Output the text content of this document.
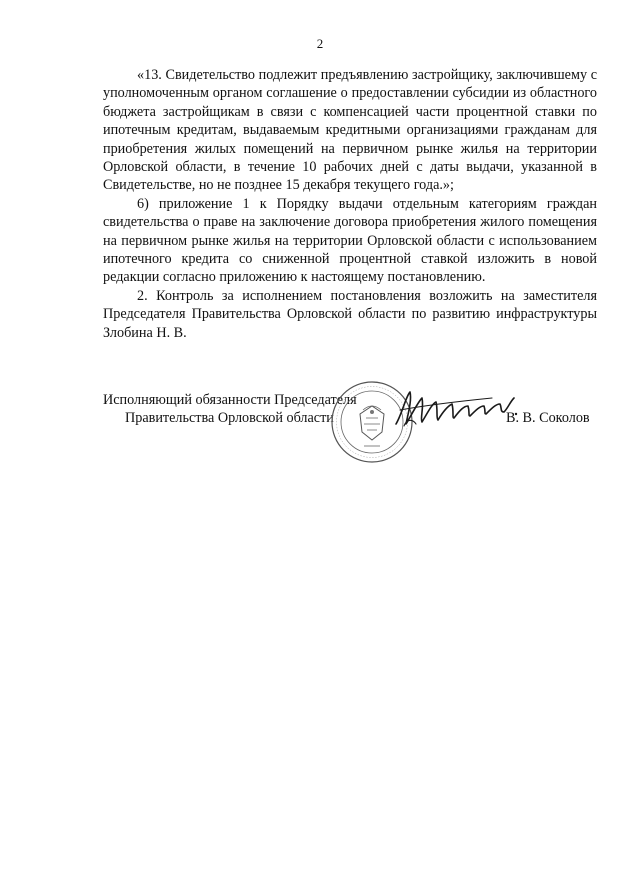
2

«13. Свидетельство подлежит предъявлению застройщику, заключившему с уполномоченным органом соглашение о предоставлении субсидии из областного бюджета застройщикам в связи с компенсацией части процентной ставки по ипотечным кредитам, выдаваемым кредитными организациями гражданам для приобретения жилых помещений на первичном рынке жилья на территории Орловской области, в течение 10 рабочих дней с даты выдачи, указанной в Свидетельстве, но не позднее 15 декабря текущего года.»;

6) приложение 1 к Порядку выдачи отдельным категориям граждан свидетельства о праве на заключение договора приобретения жилого помещения на первичном рынке жилья на территории Орловской области с использованием ипотечного кредита со сниженной процентной ставкой изложить в новой редакции согласно приложению к настоящему постановлению.

2. Контроль за исполнением постановления возложить на заместителя Председателя Правительства Орловской области по развитию инфраструктуры Злобина Н. В.

Исполняющий обязанности Председателя
Правительства Орловской области	В. В. Соколов
